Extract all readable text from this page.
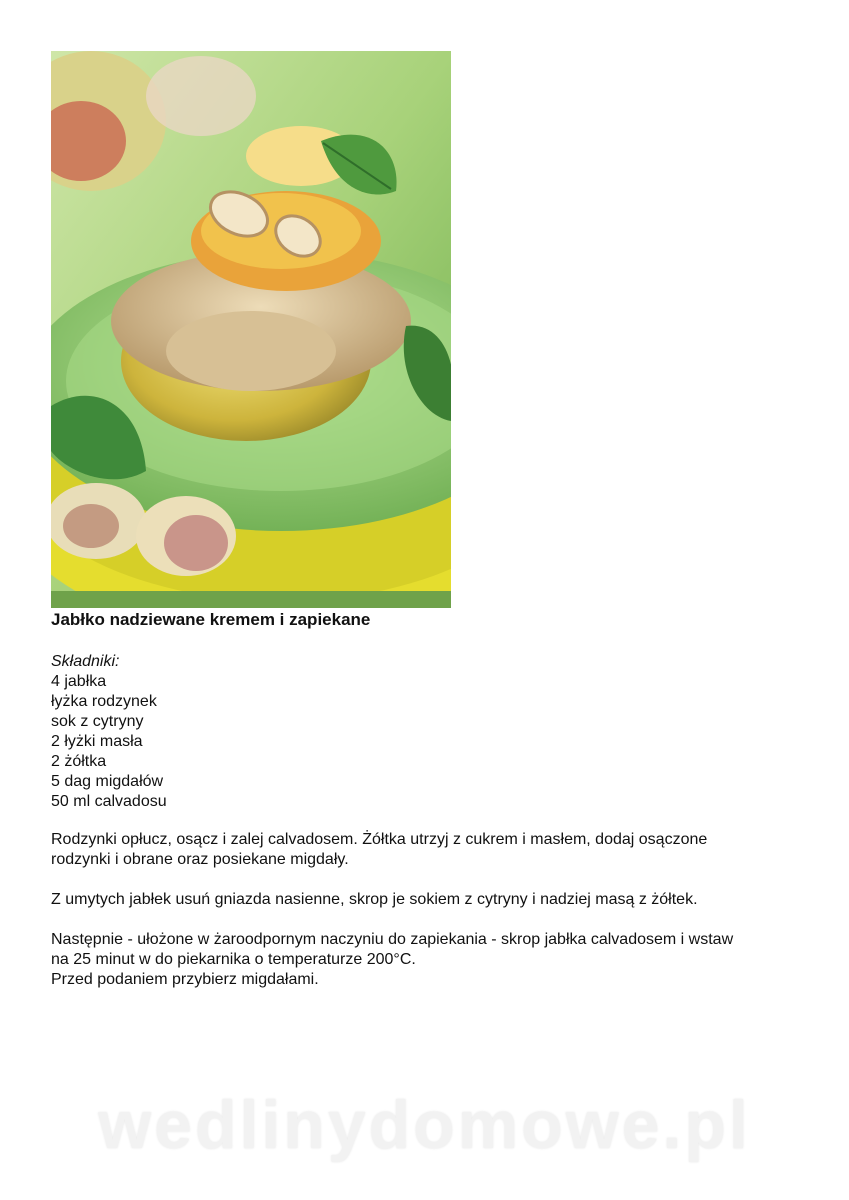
Jabłko nadziewane kremem i zapiekane
Składniki:
4 jabłka
łyżka rodzynek
sok z cytryny
2 łyżki masła
2 żółtka
5 dag migdałów
50 ml calvadosu

Rodzynki opłucz, osącz i zalej calvadosem. Żółtka utrzyj z cukrem i masłem, dodaj osączone
rodzynki i obrane oraz posiekane migdały.

Z umytych jabłek usuń gniazda nasienne, skrop je sokiem z cytryny i nadziej masą z żółtek.

Następnie - ułożone w żaroodpornym naczyniu do zapiekania - skrop jabłka calvadosem i wstaw
na 25 minut w do piekarnika o temperaturze 200°C.
Przed podaniem przybierz migdałami.

wedlinydomowe.pl
